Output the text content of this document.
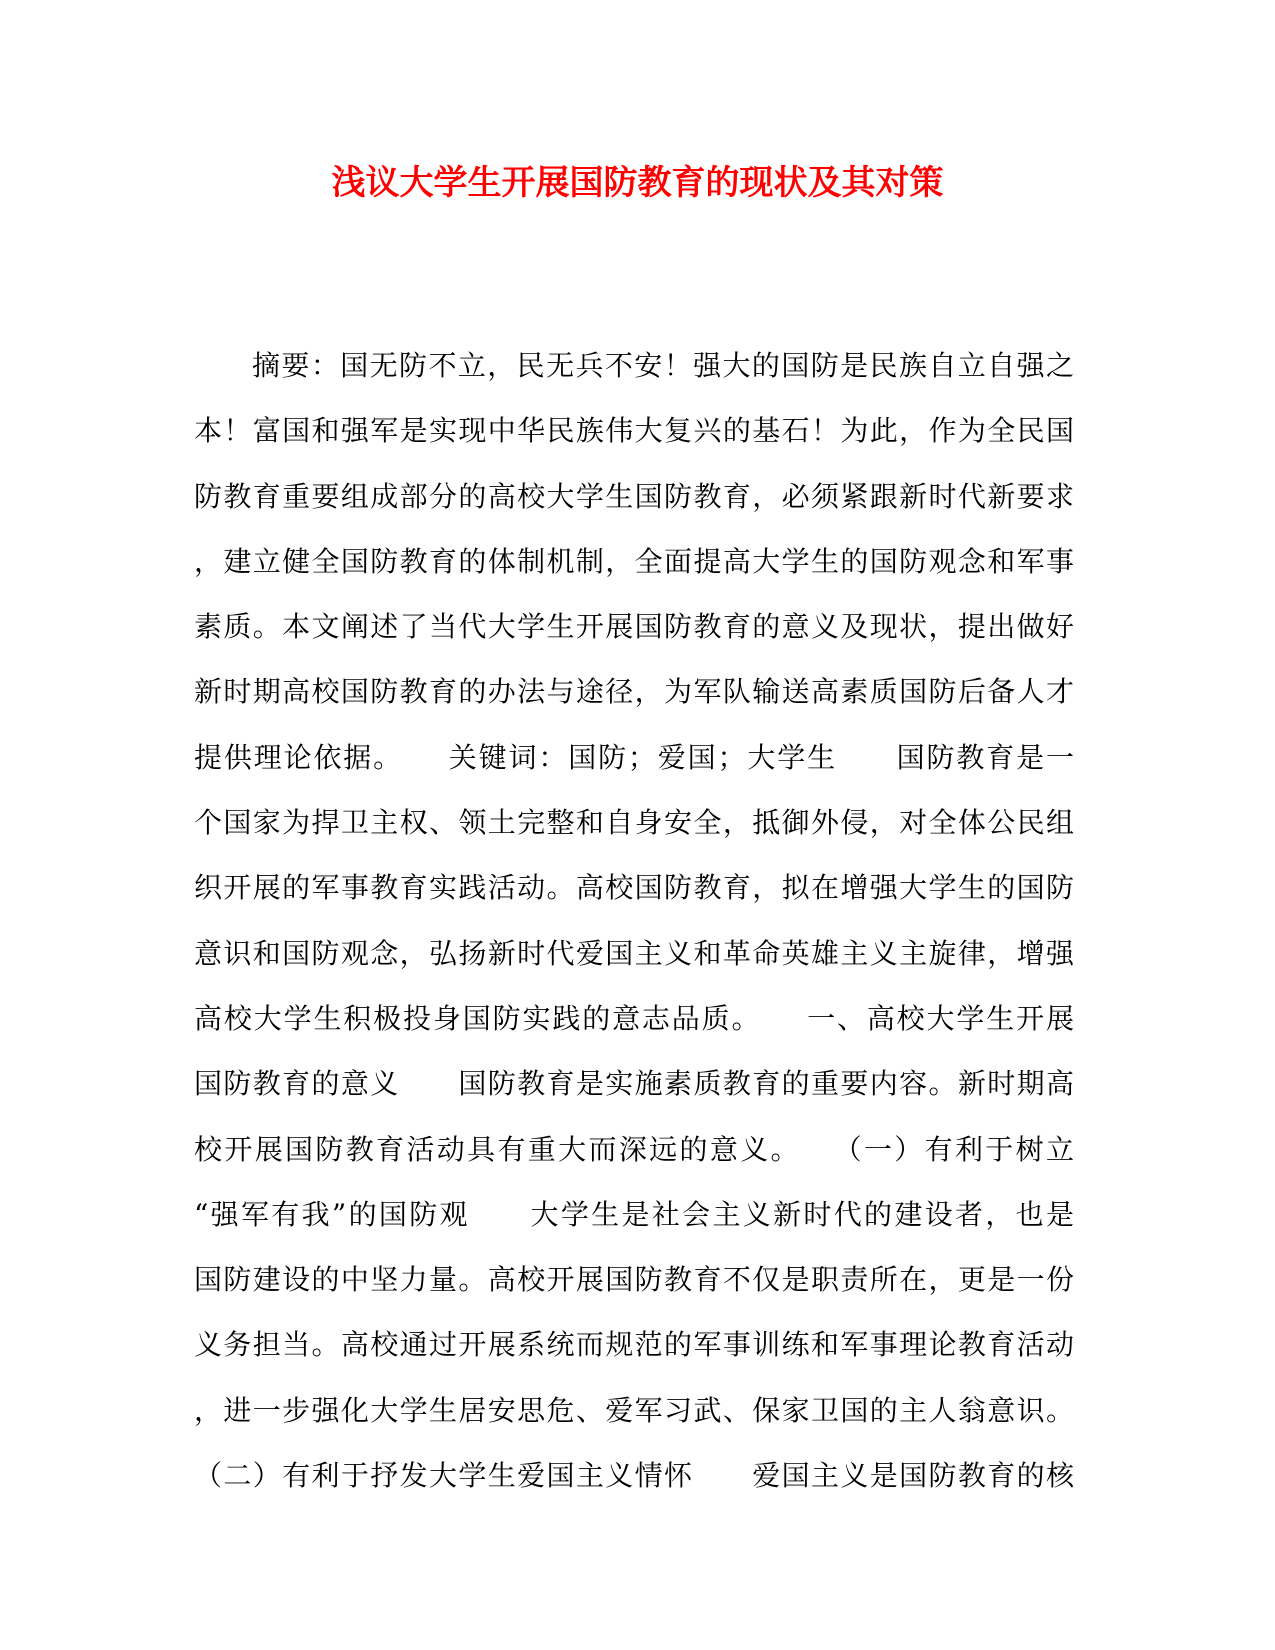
浅议大学生开展国防教育的现状及其对策
摘要：国无防不立，民无兵不安！强大的国防是民族自立自强之
本！富国和强军是实现中华民族伟大复兴的基石！为此，作为全民国
防教育重要组成部分的高校大学生国防教育，必须紧跟新时代新要求
，建立健全国防教育的体制机制，全面提高大学生的国防观念和军事
素质。本文阐述了当代大学生开展国防教育的意义及现状，提出做好
新时期高校国防教育的办法与途径，为军队输送高素质国防后备人才
提供理论依据。　　关键词：国防；爱国；大学生　　国防教育是一
个国家为捍卫主权、领土完整和自身安全，抵御外侵，对全体公民组
织开展的军事教育实践活动。高校国防教育，拟在增强大学生的国防
意识和国防观念，弘扬新时代爱国主义和革命英雄主义主旋律，增强
高校大学生积极投身国防实践的意志品质。　　一、高校大学生开展
国防教育的意义　　国防教育是实施素质教育的重要内容。新时期高
校开展国防教育活动具有重大而深远的意义。　　（一）有利于树立
“强军有我”的国防观　　大学生是社会主义新时代的建设者，也是
国防建设的中坚力量。高校开展国防教育不仅是职责所在，更是一份
义务担当。高校通过开展系统而规范的军事训练和军事理论教育活动
，进一步强化大学生居安思危、爱军习武、保家卫国的主人翁意识。
（二）有利于抒发大学生爱国主义情怀　　爱国主义是国防教育的核
